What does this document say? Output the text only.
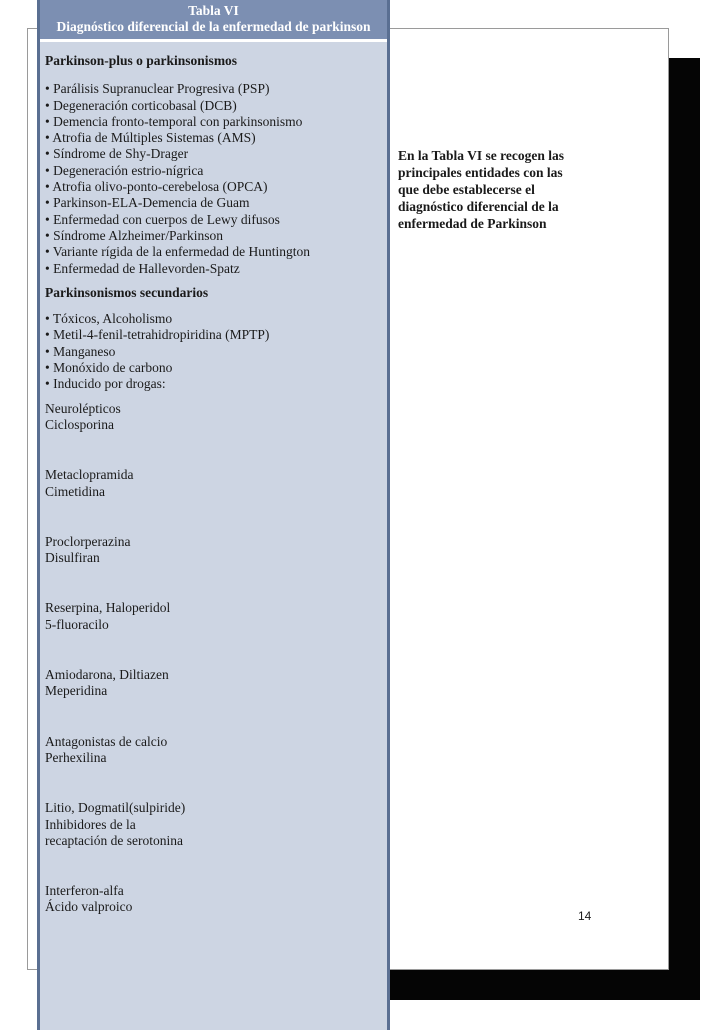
Tabla VI
Diagnóstico diferencial de la enfermedad de parkinson

Parkinson-plus o parkinsonismos

• Parálisis Supranuclear Progresiva (PSP)
• Degeneración corticobasal (DCB)
• Demencia fronto-temporal con parkinsonismo
• Atrofia de Múltiples Sistemas (AMS)
• Síndrome de Shy-Drager
• Degeneración estrio-nígrica
• Atrofia olivo-ponto-cerebelosa (OPCA)
• Parkinson-ELA-Demencia de Guam
• Enfermedad con cuerpos de Lewy difusos
• Síndrome Alzheimer/Parkinson
• Variante rígida de la enfermedad de Huntington
• Enfermedad de Hallevorden-Spatz

Parkinsonismos secundarios

• Tóxicos, Alcoholismo
• Metil-4-fenil-tetrahidropiridina (MPTP)
• Manganeso
• Monóxido de carbono
• Inducido por drogas:
Neurolépticos
Ciclosporina
Metaclopramida
Cimetidina
Proclorperazina
Disulfiran
Reserpina, Haloperidol
5-fluoracilo
Amiodarona, Diltiazen
Meperidina
Antagonistas de calcio
Perhexilina
Litio, Dogmatil(sulpiride)
Inhibidores de la
recaptación de serotonina
Interferon-alfa
Ácido valproico
En la Tabla VI se recogen las
principales entidades con las
que debe establecerse el
diagnóstico diferencial de la
enfermedad de Parkinson
14
